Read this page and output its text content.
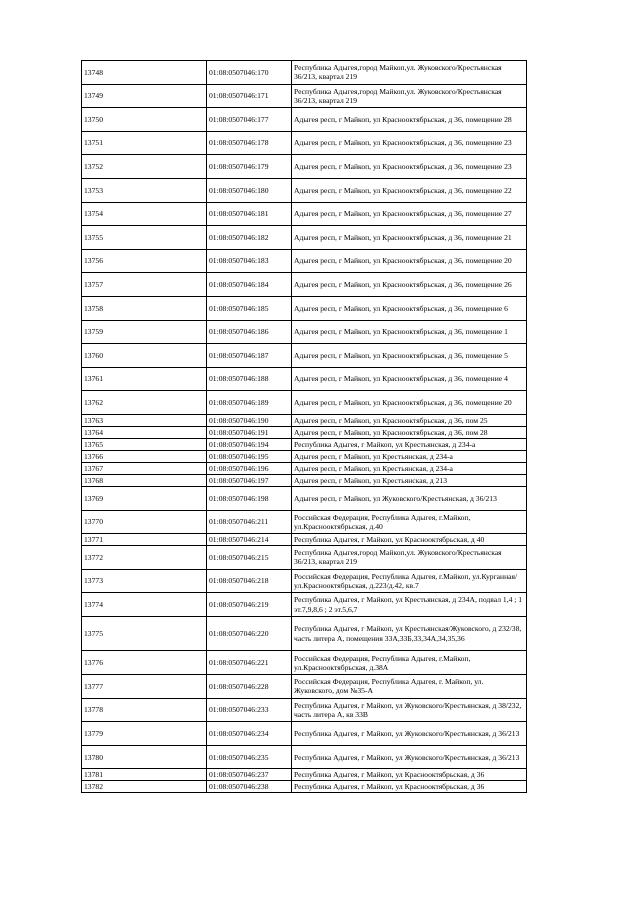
13748	01:08:0507046:170	Республика Адыгея,город Майкоп,ул. Жуковского/Крестьянская 36/213, квартал 219
13749	01:08:0507046:171	Республика Адыгея,город Майкоп,ул. Жуковского/Крестьянская 36/213, квартал 219
13750	01:08:0507046:177	Адыгея респ, г Майкоп, ул Краснооктябрьская, д 36, помещение 28
13751	01:08:0507046:178	Адыгея респ, г Майкоп, ул Краснооктябрьская, д 36, помещение 23
13752	01:08:0507046:179	Адыгея респ, г Майкоп, ул Краснооктябрьская, д 36, помещение 23
13753	01:08:0507046:180	Адыгея респ, г Майкоп, ул Краснооктябрьская, д 36, помещение 22
13754	01:08:0507046:181	Адыгея респ, г Майкоп, ул Краснооктябрьская, д 36, помещение 27
13755	01:08:0507046:182	Адыгея респ, г Майкоп, ул Краснооктябрьская, д 36, помещение 21
13756	01:08:0507046:183	Адыгея респ, г Майкоп, ул Краснооктябрьская, д 36, помещение 20
13757	01:08:0507046:184	Адыгея респ, г Майкоп, ул Краснооктябрьская, д 36, помещение 26
13758	01:08:0507046:185	Адыгея респ, г Майкоп, ул Краснооктябрьская, д 36, помещение 6
13759	01:08:0507046:186	Адыгея респ, г Майкоп, ул Краснооктябрьская, д 36, помещение 1
13760	01:08:0507046:187	Адыгея респ, г Майкоп, ул Краснооктябрьская, д 36, помещение 5
13761	01:08:0507046:188	Адыгея респ, г Майкоп, ул Краснооктябрьская, д 36, помещение 4
13762	01:08:0507046:189	Адыгея респ, г Майкоп, ул Краснооктябрьская, д 36, помещение 20
13763	01:08:0507046:190	Адыгея респ, г Майкоп, ул Краснооктябрьская, д 36, пом 25
13764	01:08:0507046:191	Адыгея респ, г Майкоп, ул Краснооктябрьская, д 36, пом 28
13765	01:08:0507046:194	Республика Адыгея, г Майкоп, ул Крестьянская, д 234-а
13766	01:08:0507046:195	Адыгея респ, г Майкоп, ул Крестьянская, д 234-а
13767	01:08:0507046:196	Адыгея респ, г Майкоп, ул Крестьянская, д 234-а
13768	01:08:0507046:197	Адыгея респ, г Майкоп, ул Крестьянская, д 213
13769	01:08:0507046:198	Адыгея респ, г Майкоп, ул Жуковского/Крестьянская, д 36/213
13770	01:08:0507046:211	Российская Федерация, Республика Адыгея, г.Майкоп, ул.Краснооктябрьская, д.40
13771	01:08:0507046:214	Республика Адыгея, г Майкоп, ул Краснооктябрьская, д 40
13772	01:08:0507046:215	Республика Адыгея,город Майкоп,ул. Жуковского/Крестьянская 36/213, квартал 219
13773	01:08:0507046:218	Российская Федерация, Республика Адыгея, г.Майкоп, ул.Курганная/ул.Краснооктябрьская, д.223/д.42, кв.7
13774	01:08:0507046:219	Республика Адыгея, г Майкоп, ул Крестьянская, д 234А, подвал 1,4 ; 1 эт.7,9,8,6 ; 2 эт.5,6,7
13775	01:08:0507046:220	Республика Адыгея, г Майкоп, ул Крестьянская/Жуковского, д 232/38, часть литера А, помещения 33А,33Б,33,34А,34,35,36
13776	01:08:0507046:221	Российская Федерация, Республика Адыгея, г.Майкоп, ул.Краснооктябрьская, д.38А
13777	01:08:0507046:228	Российская Федерация, Республика Адыгея, г. Майкоп, ул. Жуковского, дом №35-А
13778	01:08:0507046:233	Республика Адыгея, г Майкоп, ул Жуковского/Крестьянская, д 38/232, часть литера А, кв 33В
13779	01:08:0507046:234	Республика Адыгея, г Майкоп, ул Жуковского/Крестьянская, д 36/213
13780	01:08:0507046:235	Республика Адыгея, г Майкоп, ул Жуковского/Крестьянская, д 36/213
13781	01:08:0507046:237	Республика Адыгея, г Майкоп, ул Краснооктябрьская, д 36
13782	01:08:0507046:238	Республика Адыгея, г Майкоп, ул Краснооктябрьская, д 36
